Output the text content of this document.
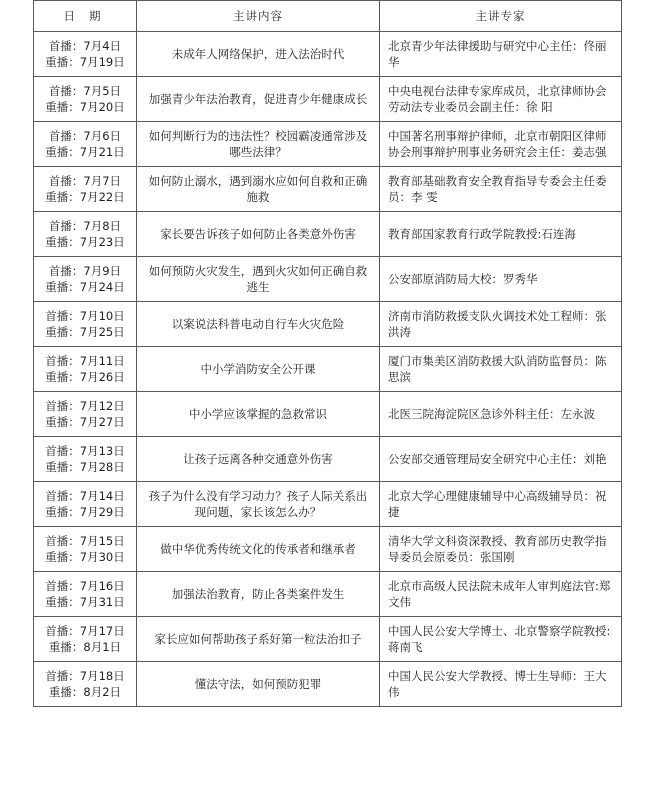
日期	主讲内容	主讲专家

首播：7月4日
重播：7月19日	未成年人网络保护，进入法治时代	北京青少年法律援助与研究中心主任：佟丽华

首播：7月5日
重播：7月20日	加强青少年法治教育，促进青少年健康成长	中央电视台法律专家库成员，北京律师协会劳动法专业委员会副主任：徐 阳

首播：7月6日
重播：7月21日	如何判断行为的违法性？校园霸凌通常涉及哪些法律？	中国著名刑事辩护律师，北京市朝阳区律师协会刑事辩护刑事业务研究会主任：姜志强

首播：7月7日
重播：7月22日	如何防止溺水，遇到溺水应如何自救和正确施救	教育部基础教育安全教育指导专委会主任委员：李 雯

首播：7月8日
重播：7月23日	家长要告诉孩子如何防止各类意外伤害	教育部国家教育行政学院教授:石连海

首播：7月9日
重播：7月24日	如何预防火灾发生，遇到火灾如何正确自救逃生	公安部原消防局大校：罗秀华

首播：7月10日
重播：7月25日	以案说法科普电动自行车火灾危险	济南市消防救援支队火调技术处工程师：张洪涛

首播：7月11日
重播：7月26日	中小学消防安全公开课	厦门市集美区消防救援大队消防监督员：陈思滨

首播：7月12日
重播：7月27日	中小学应该掌握的急救常识	北医三院海淀院区急诊外科主任：左永波

首播：7月13日
重播：7月28日	让孩子远离各种交通意外伤害	公安部交通管理局安全研究中心主任：刘艳

首播：7月14日
重播：7月29日	孩子为什么没有学习动力？孩子人际关系出现问题，家长该怎么办？	北京大学心理健康辅导中心高级辅导员：祝 捷

首播：7月15日
重播：7月30日	做中华优秀传统文化的传承者和继承者	清华大学文科资深教授、教育部历史教学指导委员会原委员：张国刚

首播：7月16日
重播：7月31日	加强法治教育，防止各类案件发生	北京市高级人民法院未成年人审判庭法官:郑文伟

首播：7月17日
重播：8月1日	家长应如何帮助孩子系好第一粒法治扣子	中国人民公安大学博士、北京警察学院教授:蒋南飞

首播：7月18日
重播：8月2日	懂法守法，如何预防犯罪	中国人民公安大学教授、博士生导师：王大伟
